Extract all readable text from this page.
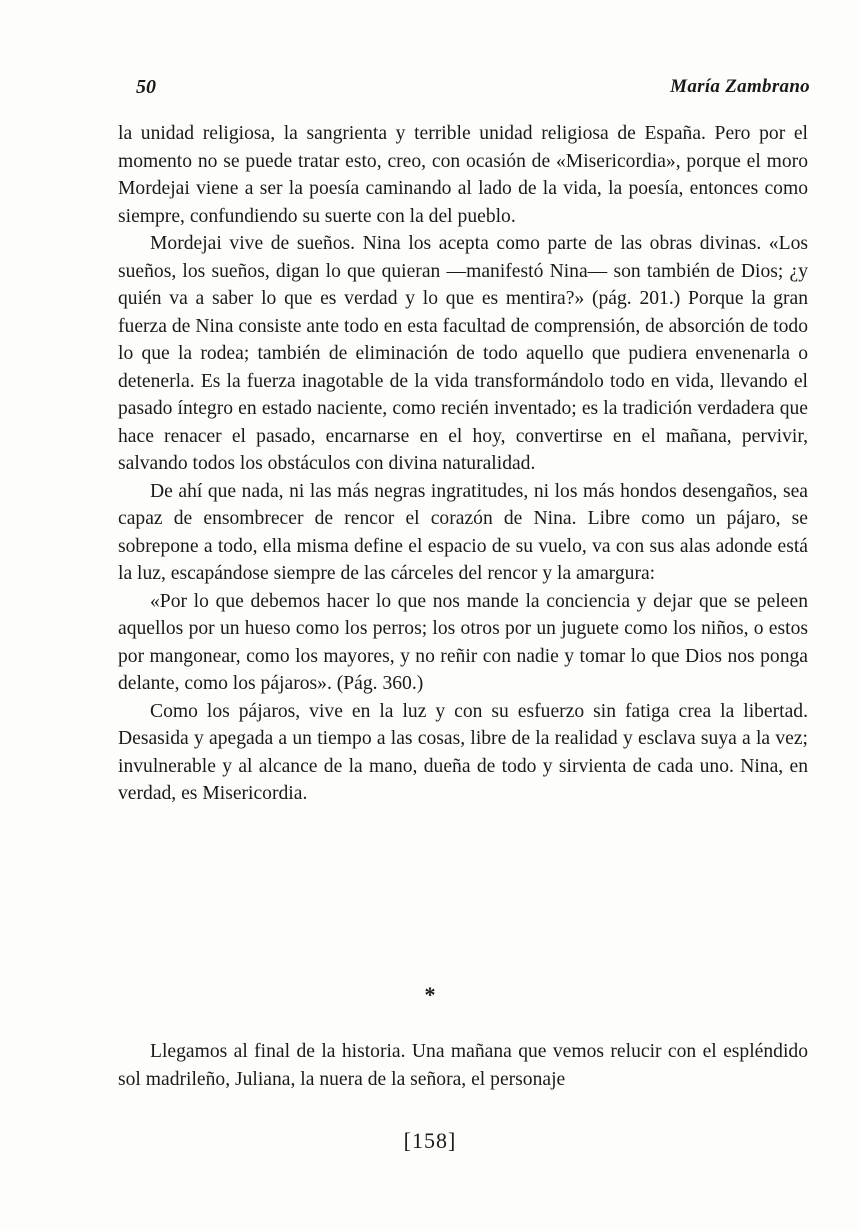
50	María Zambrano

la unidad religiosa, la sangrienta y terrible unidad religiosa de España. Pero por el momento no se puede tratar esto, creo, con ocasión de «Misericordia», porque el moro Mordejai viene a ser la poesía caminando al lado de la vida, la poesía, entonces como siempre, confundiendo su suerte con la del pueblo.

Mordejai vive de sueños. Nina los acepta como parte de las obras divinas. «Los sueños, los sueños, digan lo que quieran —manifestó Nina— son también de Dios; ¿y quién va a saber lo que es verdad y lo que es mentira?» (pág. 201.) Porque la gran fuerza de Nina consiste ante todo en esta facultad de comprensión, de absorción de todo lo que la rodea; también de eliminación de todo aquello que pudiera envenenarla o detenerla. Es la fuerza inagotable de la vida transformándolo todo en vida, llevando el pasado íntegro en estado naciente, como recién inventado; es la tradición verdadera que hace renacer el pasado, encarnarse en el hoy, convertirse en el mañana, pervivir, salvando todos los obstáculos con divina naturalidad.

De ahí que nada, ni las más negras ingratitudes, ni los más hondos desengaños, sea capaz de ensombrecer de rencor el corazón de Nina. Libre como un pájaro, se sobrepone a todo, ella misma define el espacio de su vuelo, va con sus alas adonde está la luz, escapándose siempre de las cárceles del rencor y la amargura:

«Por lo que debemos hacer lo que nos mande la conciencia y dejar que se peleen aquellos por un hueso como los perros; los otros por un juguete como los niños, o estos por mangonear, como los mayores, y no reñir con nadie y tomar lo que Dios nos ponga delante, como los pájaros». (Pág. 360.)

Como los pájaros, vive en la luz y con su esfuerzo sin fatiga crea la libertad. Desasida y apegada a un tiempo a las cosas, libre de la realidad y esclava suya a la vez; invulnerable y al alcance de la mano, dueña de todo y sirvienta de cada uno. Nina, en verdad, es Misericordia.

*

Llegamos al final de la historia. Una mañana que vemos relucir con el espléndido sol madrileño, Juliana, la nuera de la señora, el personaje

[158]
